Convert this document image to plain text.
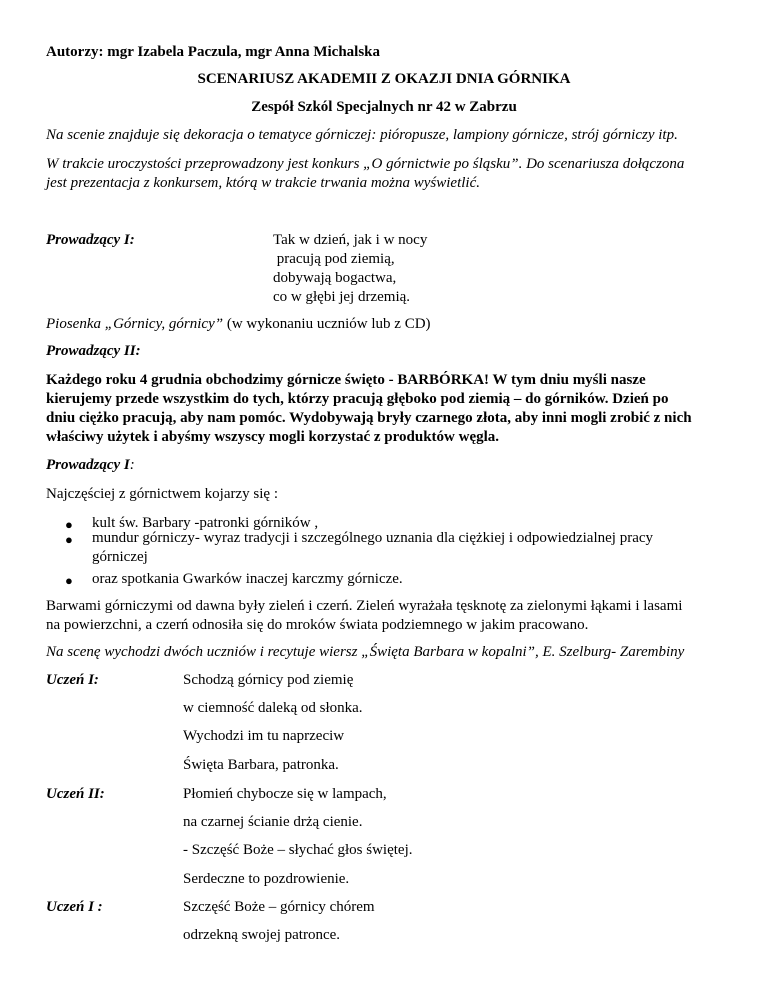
Autorzy: mgr Izabela Paczula, mgr Anna Michalska
SCENARIUSZ AKADEMII Z OKAZJI DNIA GÓRNIKA
Zespół Szkól Specjalnych nr 42 w Zabrzu
Na scenie znajduje się dekoracja o tematyce górniczej: pióropusze, lampiony górnicze, strój górniczy itp.
W trakcie uroczystości przeprowadzony jest konkurs „O górnictwie po śląsku”. Do scenariusza dołączona
jest prezentacja z konkursem, którą w trakcie trwania można wyświetlić.
Prowadzący I:	Tak w dzień, jak i w nocy
pracują pod ziemią,
dobywają bogactwa,
co w głębi jej drzemią.
Piosenka „Górnicy, górnicy” (w wykonaniu uczniów lub z CD)
Prowadzący II:
Każdego roku 4 grudnia obchodzimy górnicze święto - BARBÓRKA! W tym dniu myśli nasze
kierujemy przede wszystkim do tych, którzy pracują głęboko pod ziemią – do górników. Dzień po
dniu ciężko pracują, aby nam pomóc. Wydobywają bryły czarnego złota, aby inni mogli zrobić z nich
właściwy użytek i abyśmy wszyscy mogli korzystać z produktów węgla.
Prowadzący I:
Najczęściej z górnictwem kojarzy się :
● kult św. Barbary -patronki górników ,
● mundur górniczy- wyraz tradycji i szczególnego uznania dla ciężkiej i odpowiedzialnej pracy
górniczej
● oraz spotkania Gwarków inaczej karczmy górnicze.
Barwami górniczymi od dawna były zieleń i czerń. Zieleń wyrażała tęsknotę za zielonymi łąkami i lasami
na powierzchni, a czerń odnosiła się do mroków świata podziemnego w jakim pracowano.
Na scenę wychodzi dwóch uczniów i recytuje wiersz „Święta Barbara w kopalni”, E. Szelburg- Zarembiny
Uczeń I:	Schodzą górnicy pod ziemię
w ciemność daleką od słonka.
Wychodzi im tu naprzeciw
Święta Barbara, patronka.
Uczeń II:	Płomień chybocze się w lampach,
na czarnej ścianie drżą cienie.
- Szczęść Boże – słychać głos świętej.
Serdeczne to pozdrowienie.
Uczeń I :	Szczęść Boże – górnicy chórem
odrzekną swojej patronce.
